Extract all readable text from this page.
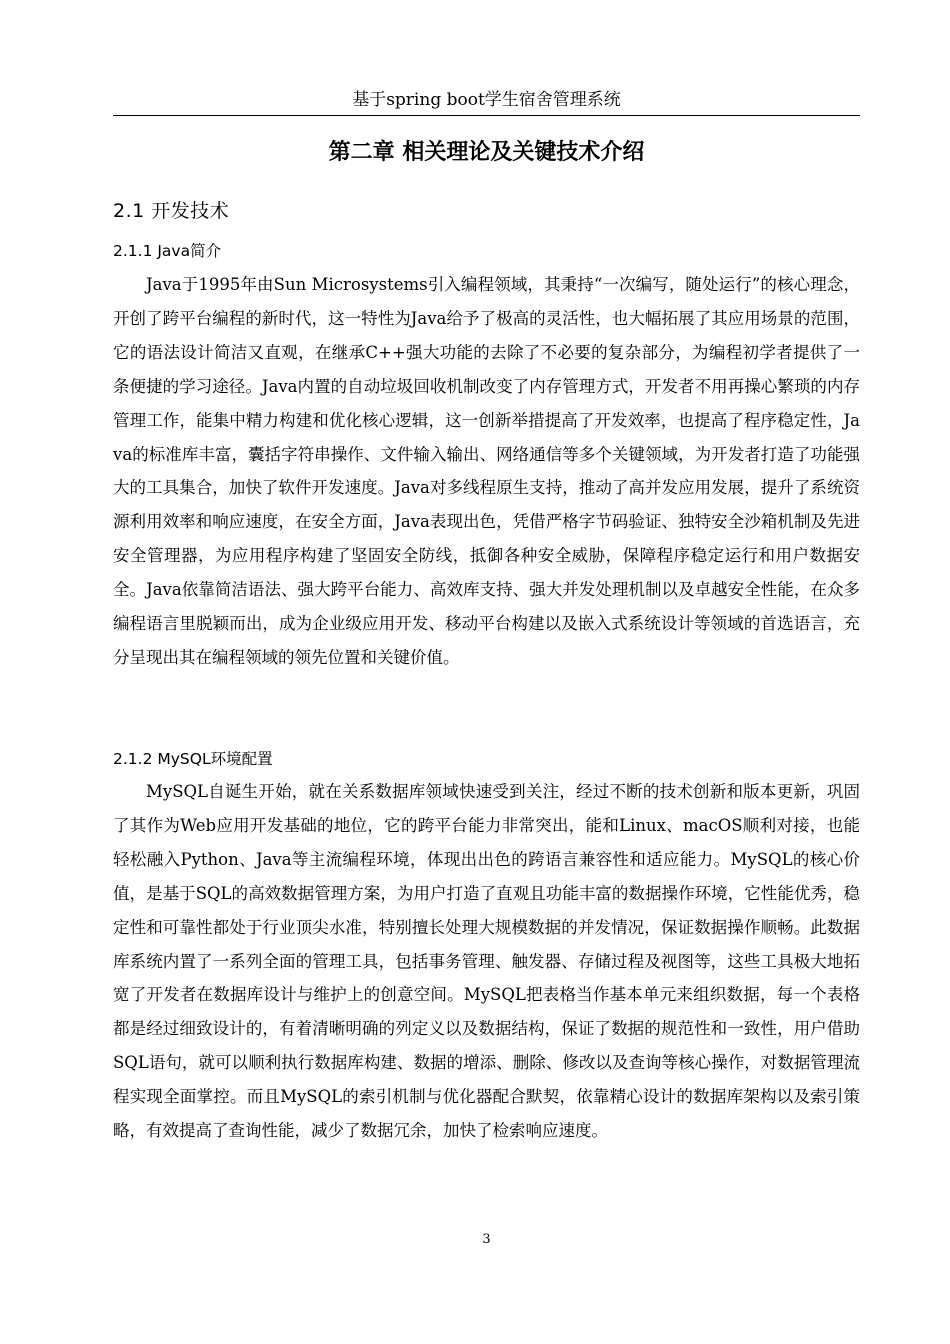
基于spring boot学生宿舍管理系统
第二章 相关理论及关键技术介绍
2.1 开发技术
2.1.1 Java简介

Java于1995年由Sun Microsystems引入编程领域，其秉持“一次编写，随处运行”的核心理念，开创了跨平台编程的新时代，这一特性为Java给予了极高的灵活性，也大幅拓展了其应用场景的范围，它的语法设计简洁又直观，在继承C++强大功能的去除了不必要的复杂部分，为编程初学者提供了一条便捷的学习途径。Java内置的自动垃圾回收机制改变了内存管理方式，开发者不用再操心繁琐的内存管理工作，能集中精力构建和优化核心逻辑，这一创新举措提高了开发效率，也提高了程序稳定性，Java的标准库丰富，囊括字符串操作、文件输入输出、网络通信等多个关键领域，为开发者打造了功能强大的工具集合，加快了软件开发速度。Java对多线程原生支持，推动了高并发应用发展，提升了系统资源利用效率和响应速度，在安全方面，Java表现出色，凭借严格字节码验证、独特安全沙箱机制及先进安全管理器，为应用程序构建了坚固安全防线，抵御各种安全威胁，保障程序稳定运行和用户数据安全。Java依靠简洁语法、强大跨平台能力、高效库支持、强大并发处理机制以及卓越安全性能，在众多编程语言里脱颖而出，成为企业级应用开发、移动平台构建以及嵌入式系统设计等领域的首选语言，充分呈现出其在编程领域的领先位置和关键价值。

2.1.2 MySQL环境配置

MySQL自诞生开始，就在关系数据库领域快速受到关注，经过不断的技术创新和版本更新，巩固了其作为Web应用开发基础的地位，它的跨平台能力非常突出，能和Linux、macOS顺利对接，也能轻松融入Python、Java等主流编程环境，体现出出色的跨语言兼容性和适应能力。MySQL的核心价值，是基于SQL的高效数据管理方案，为用户打造了直观且功能丰富的数据操作环境，它性能优秀，稳定性和可靠性都处于行业顶尖水准，特别擅长处理大规模数据的并发情况，保证数据操作顺畅。此数据库系统内置了一系列全面的管理工具，包括事务管理、触发器、存储过程及视图等，这些工具极大地拓宽了开发者在数据库设计与维护上的创意空间。MySQL把表格当作基本单元来组织数据，每一个表格都是经过细致设计的，有着清晰明确的列定义以及数据结构，保证了数据的规范性和一致性，用户借助SQL语句，就可以顺利执行数据库构建、数据的增添、删除、修改以及查询等核心操作，对数据管理流程实现全面掌控。而且MySQL的索引机制与优化器配合默契，依靠精心设计的数据库架构以及索引策略，有效提高了查询性能，减少了数据冗余，加快了检索响应速度。

3
